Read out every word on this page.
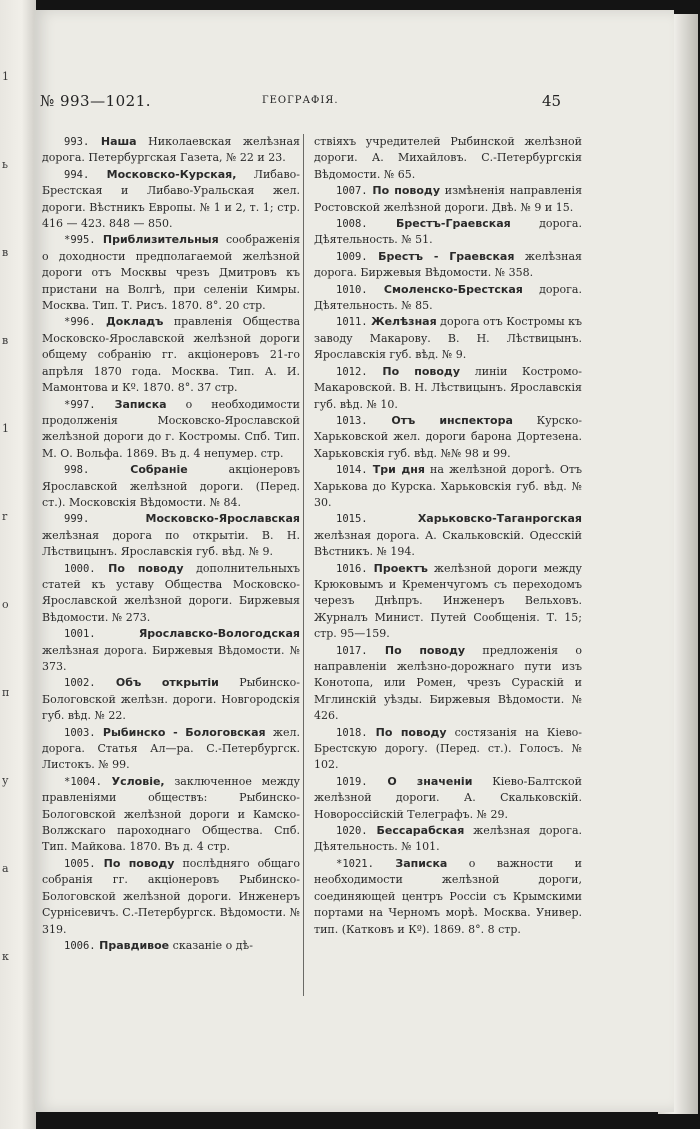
1
ь
в
в
1
r
о
п
у
а
к
№ 993—1021.	ГЕОГРАФІЯ.	45

993. Наша Николаевская желѣзная дорога. Петербургская Газета, № 22 и 23.

994. Московско-Курская, Либаво-Брестская и Либаво-Уральская жел. дороги. Вѣстникъ Европы. № 1 и 2, т. 1; стр. 416 — 423. 848 — 850.

*995. Приблизительныя соображенія о доходности предполагаемой желѣзной дороги отъ Москвы чрезъ Дмитровъ къ пристани на Волгѣ, при селеніи Кимры. Москва. Тип. Т. Рисъ. 1870. 8°. 20 стр.

*996. Докладъ правленія Общества Московско-Ярославской желѣзной дороги общему собранію гг. акціонеровъ 21-го апрѣля 1870 года. Москва. Тип. А. И. Мамонтова и Кº. 1870. 8°. 37 стр.

*997. Записка о необходимости продолженія Московско-Ярославской желѣзной дороги до г. Костромы. Спб. Тип. М. О. Вольфа. 1869. Въ д. 4 непумер. стр.

998.	Собраніе	акціонеровъ Ярославской желѣзной дороги. (Перед. ст.). Московскія Вѣдомости. № 84.

999.	Московско-Ярославская желѣзная дорога по открытіи. В. Н. Лѣствицынъ. Ярославскія губ. вѣд. № 9.

1000. По поводу дополнительныхъ статей къ уставу Общества Московско-Ярославской желѣзной дороги. Биржевыя Вѣдомости. № 273.

1001.	Ярославско-Вологодская желѣзная дорога. Биржевыя Вѣдомости. № 373.

1002. Объ открытіи Рыбинско-Бологовской желѣзн. дороги. Новгородскія губ. вѣд. № 22.

1003. Рыбинско - Бологовская жел. дорога. Статья Ал—ра. С.-Петербургск. Листокъ. № 99.

*1004. Условіе, заключенное между правленіями обществъ: Рыбинско-Бологовской желѣзной дороги и Камско-Волжскаго пароходнаго Общества. Спб. Тип. Майкова. 1870. Въ д. 4 стр.

1005. По поводу послѣдняго общаго собранія гг. акціонеровъ Рыбинско-Бологовской желѣзной дороги. Инженеръ Сурнісевичъ. С.-Петербургск. Вѣдомости. № 319.

1006. Правдивое сказаніе о дѣ-

ствіяхъ учредителей Рыбинской желѣзной дороги. А. Михайловъ. С.-Петербургскія Вѣдомости. № 65.

1007. По поводу измѣненія направленія Ростовской желѣзной дороги. Двѣ. № 9 и 15.

1008.	Брестъ-Граевская	дорога. Дѣятельность. № 51.

1009. Брестъ - Граевская желѣзная дорога. Биржевыя Вѣдомости. № 358.

1010. Смоленско-Брестская дорога. Дѣятельность. № 85.

1011. Желѣзная дорога отъ Костромы къ заводу Макарову. В. Н. Лѣствицынъ. Ярославскія губ. вѣд. № 9.

1012. По поводу линіи Костромо-Макаровской. В. Н. Лѣствицынъ. Ярославскія губ. вѣд. № 10.

1013. Отъ инспектора Курско-Харьковской жел. дороги барона Дортезена. Харьковскія губ. вѣд. №№ 98 и 99.

1014. Три дня на желѣзной дорогѣ. Отъ Харькова до Курска. Харьковскія губ. вѣд. № 30.

1015.	Харьковско-Таганрогская желѣзная дорога. А. Скальковскій. Одесскій Вѣстникъ. № 194.

1016. Проектъ желѣзной дороги между Крюковымъ и Кременчугомъ съ переходомъ черезъ Днѣпръ. Инженеръ Вельховъ. Журналъ Минист. Путей Сообщенія. Т. 15; стр. 95—159.

1017. По поводу предложенія о направленіи желѣзно-дорожнаго пути изъ Конотопа, или Ромен, чрезъ Сураскій и Мглинскій уѣзды. Биржевыя Вѣдомости. № 426.

1018. По поводу состязанія на Кіево-Брестскую дорогу. (Перед. ст.). Голосъ. № 102.

1019. О значеніи Кіево-Балтской желѣзной дороги. А. Скальковскій. Новороссійскій Телеграфъ. № 29.

1020. Бессарабская желѣзная дорога. Дѣятельность. № 101.

*1021. Записка о важности и необходимости желѣзной дороги, соединяющей центръ Россіи съ Крымскими портами на Черномъ морѣ. Москва. Универ. тип. (Катковъ и Кº). 1869. 8°. 8 стр.
